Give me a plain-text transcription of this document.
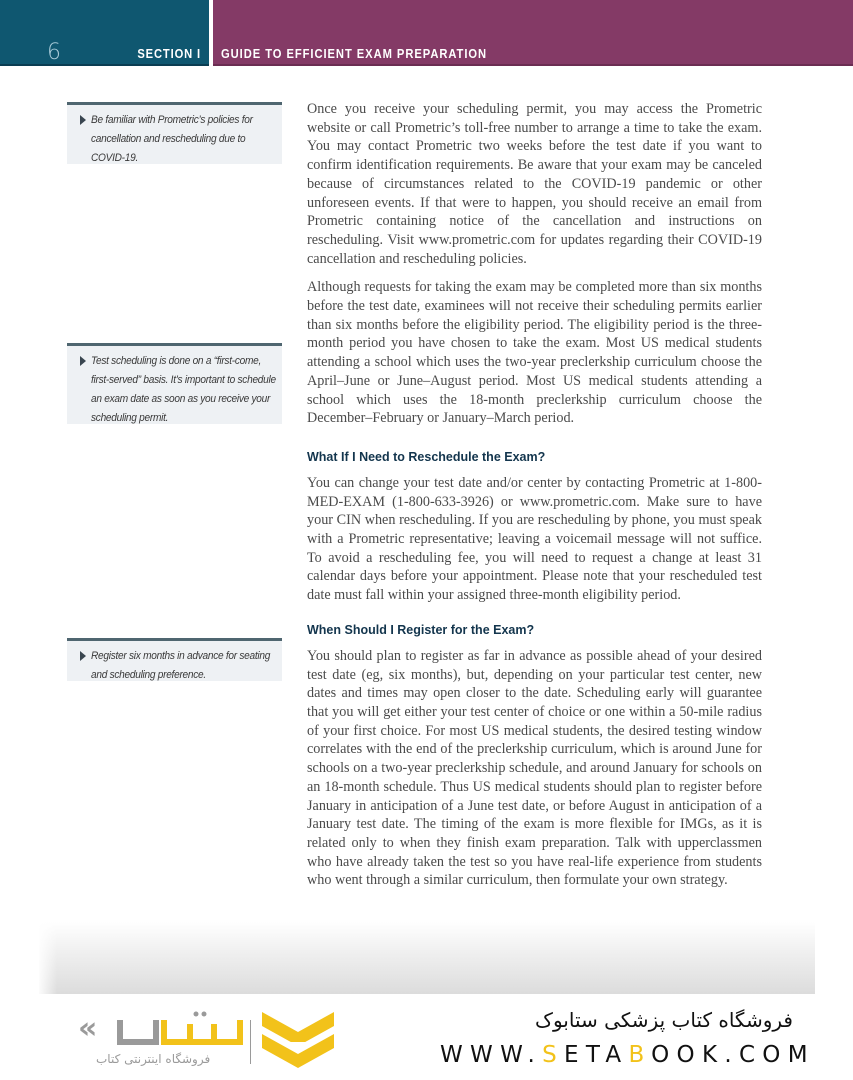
6	SECTION I GUIDE TO EFFICIENT EXAM PREPARATION

Be familiar with Prometric’s policies for cancellation and rescheduling due to COVID-19.

Test scheduling is done on a “first-come, first-served” basis. It’s important to schedule an exam date as soon as you receive your scheduling permit.

Register six months in advance for seating and scheduling preference.

Once you receive your scheduling permit, you may access the Prometric website or call Prometric’s toll-free number to arrange a time to take the exam. You may contact Prometric two weeks before the test date if you want to confirm identification requirements. Be aware that your exam may be canceled because of circumstances related to the COVID-19 pandemic or other unforeseen events. If that were to happen, you should receive an email from Prometric containing notice of the cancellation and instructions on rescheduling. Visit www.prometric.com for updates regarding their COVID-19 cancellation and rescheduling policies.

Although requests for taking the exam may be completed more than six months before the test date, examinees will not receive their scheduling permits earlier than six months before the eligibility period. The eligibility period is the three-month period you have chosen to take the exam. Most US medical students attending a school which uses the two-year preclerkship curriculum choose the April–June or June–August period. Most US medical students attending a school which uses the 18-month preclerkship curriculum choose the December–February or January–March period.

What If I Need to Reschedule the Exam?

You can change your test date and/or center by contacting Prometric at 1-800-MED-EXAM (1-800-633-3926) or www.prometric.com. Make sure to have your CIN when rescheduling. If you are rescheduling by phone, you must speak with a Prometric representative; leaving a voicemail message will not suffice. To avoid a rescheduling fee, you will need to request a change at least 31 calendar days before your appointment. Please note that your rescheduled test date must fall within your assigned three-month eligibility period.

When Should I Register for the Exam?

You should plan to register as far in advance as possible ahead of your desired test date (eg, six months), but, depending on your particular test center, new dates and times may open closer to the date. Scheduling early will guarantee that you will get either your test center of choice or one within a 50-mile radius of your first choice. For most US medical students, the desired testing window correlates with the end of the preclerkship curriculum, which is around June for schools on a two-year preclerkship schedule, and around January for schools on an 18-month schedule. Thus US medical students should plan to register before January in anticipation of a June test date, or before August in anticipation of a January test date. The timing of the exam is more flexible for IMGs, as it is related only to when they finish exam preparation. Talk with upperclassmen who have already taken the test so you have real-life experience from students who went through a similar curriculum, then formulate your own strategy.

«
فروشگاه اینترنتی کتاب
فروشگاه کتاب پزشکی ستابوک
WWW.SETABOOK.COM
